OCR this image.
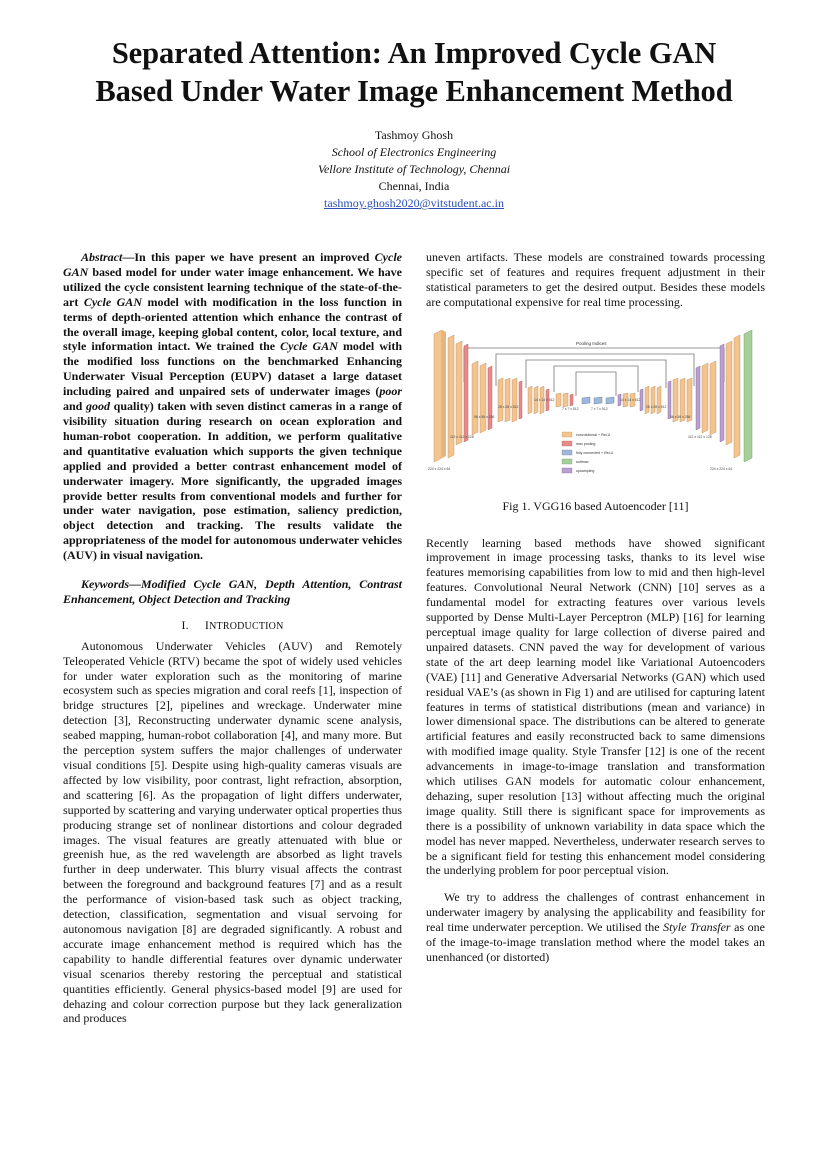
Separated Attention: An Improved Cycle GAN
Based Under Water Image Enhancement Method
Tashmoy Ghosh
School of Electronics Engineering
Vellore Institute of Technology, Chennai
Chennai, India
tashmoy.ghosh2020@vitstudent.ac.in

Abstract—In this paper we have present an improved Cycle GAN based model for under water image enhancement. We have utilized the cycle consistent learning technique of the state-of-the-art Cycle GAN model with modification in the loss function in terms of depth-oriented attention which enhance the contrast of the overall image, keeping global content, color, local texture, and style information intact. We trained the Cycle GAN model with the modified loss functions on the benchmarked Enhancing Underwater Visual Perception (EUPV) dataset a large dataset including paired and unpaired sets of underwater images (poor and good quality) taken with seven distinct cameras in a range of visibility situation during research on ocean exploration and human-robot cooperation. In addition, we perform qualitative and quantitative evaluation which supports the given technique applied and provided a better contrast enhancement model of underwater imagery. More significantly, the upgraded images provide better results from conventional models and further for under water navigation, pose estimation, saliency prediction, object detection and tracking. The results validate the appropriateness of the model for autonomous underwater vehicles (AUV) in visual navigation.

Keywords—Modified Cycle GAN, Depth Attention, Contrast Enhancement, Object Detection and Tracking

I. INTRODUCTION

Autonomous Underwater Vehicles (AUV) and Remotely Teleoperated Vehicle (RTV) became the spot of widely used vehicles for under water exploration such as the monitoring of marine ecosystem such as species migration and coral reefs [1], inspection of bridge structures [2], pipelines and wreckage. Underwater mine detection [3], Reconstructing underwater dynamic scene analysis, seabed mapping, human-robot collaboration [4], and many more. But the perception system suffers the major challenges of underwater visual conditions [5]. Despite using high-quality cameras visuals are affected by low visibility, poor contrast, light refraction, absorption, and scattering [6]. As the propagation of light differs underwater, supported by scattering and varying underwater optical properties thus producing strange set of nonlinear distortions and colour degraded images. The visual features are greatly attenuated with blue or greenish hue, as the red wavelength are absorbed as light travels further in deep underwater. This blurry visual affects the contrast between the foreground and background features [7] and as a result the performance of vision-based task such as object tracking, detection, classification, segmentation and visual servoing for autonomous navigation [8] are degraded significantly. A robust and accurate image enhancement method is required which has the capability to handle differential features over dynamic underwater visual scenarios thereby restoring the perceptual and statistical quantities efficiently. General physics-based model [9] are used for dehazing and colour correction purpose but they lack generalization and produces

uneven artifacts. These models are constrained towards processing specific set of features and requires frequent adjustment in their statistical parameters to get the desired output. Besides these models are computational expensive for real time processing.

Pooling Indices
224 x 224 x 64
112 x 112 x 128
56 x 56 x 256
28 x 28 x 512
14 x 14 x 512
7 x 7 x 512	7 x 7 x 512
14 x 14 x 512
28 x 28 x 512
56 x 56 x 256
112 x 112 x 128
224 x 224 x 64
convolutional + ReLU
max pooling
fully connected + ReLU
softmax
upsampling
Fig 1. VGG16 based Autoencoder [11]

Recently learning based methods have showed significant improvement in image processing tasks, thanks to its level wise features memorising capabilities from low to mid and then high-level features. Convolutional Neural Network (CNN) [10] serves as a fundamental model for extracting features over various levels supported by Dense Multi-Layer Perceptron (MLP) [16] for learning perceptual image quality for large collection of diverse paired and unpaired datasets. CNN paved the way for development of various state of the art deep learning model like Variational Autoencoders (VAE) [11] and Generative Adversarial Networks (GAN) which used residual VAE’s (as shown in Fig 1) and are utilised for capturing latent features in terms of statistical distributions (mean and variance) in lower dimensional space. The distributions can be altered to generate artificial features and easily reconstructed back to same dimensions with modified image quality. Style Transfer [12] is one of the recent advancements in image-to-image translation and transformation which utilises GAN models for automatic colour enhancement, dehazing, super resolution [13] without affecting much the original image quality. Still there is significant space for improvements as there is a possibility of unknown variability in data space which the model has never mapped. Nevertheless, underwater research serves to be a significant field for testing this enhancement model considering the underlying problem for poor perceptual vision.

We try to address the challenges of contrast enhancement in underwater imagery by analysing the applicability and feasibility for real time underwater perception. We utilised the Style Transfer as one of the image-to-image translation method where the model takes an unenhanced (or distorted)
